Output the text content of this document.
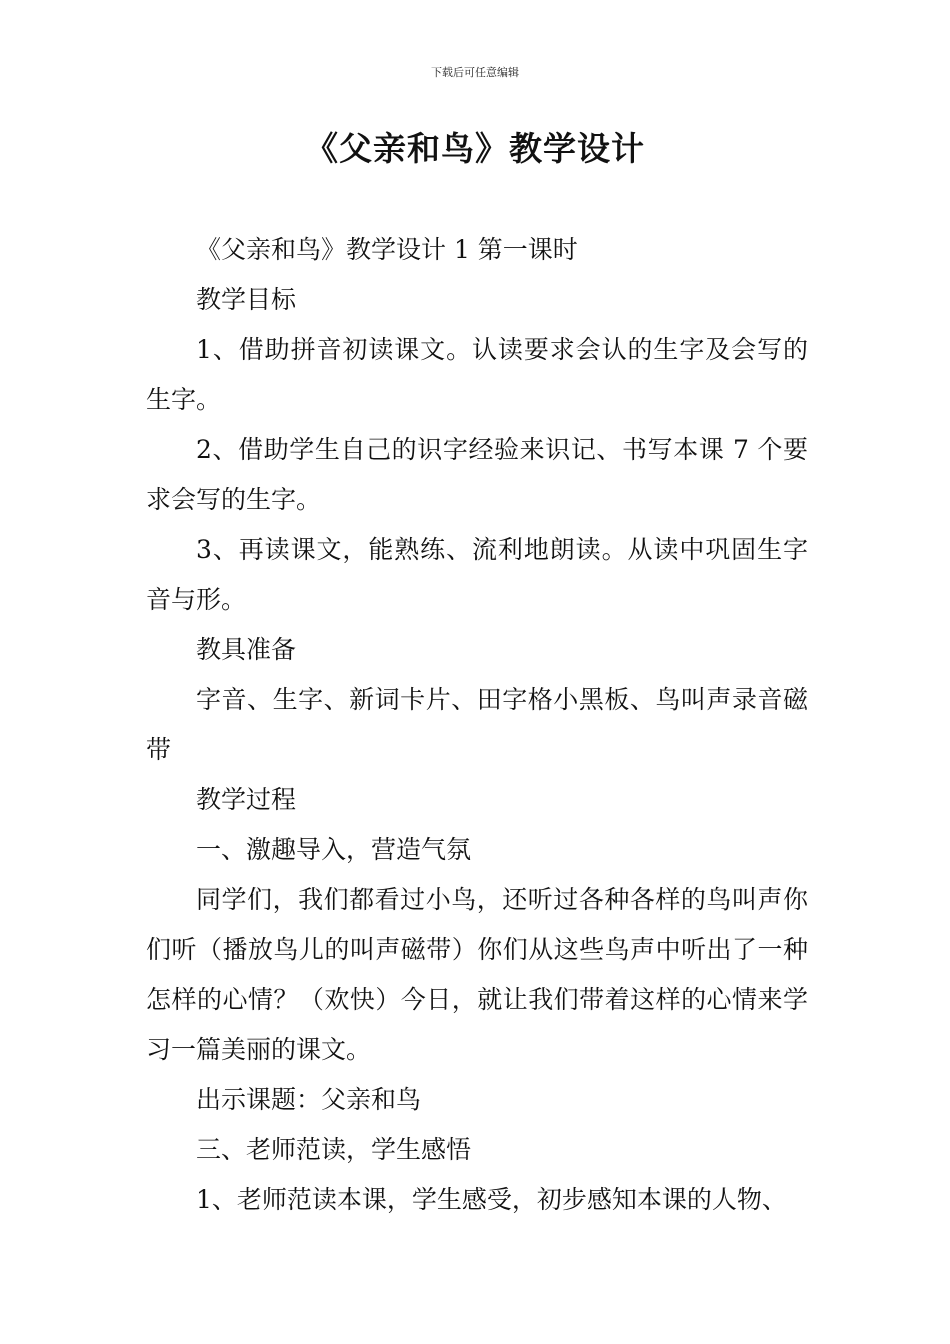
下载后可任意编辑
《父亲和鸟》教学设计

《父亲和鸟》教学设计 1 第一课时

教学目标

1、借助拼音初读课文。认读要求会认的生字及会写的生字。

2、借助学生自己的识字经验来识记、书写本课 7 个要求会写的生字。

3、再读课文，能熟练、流利地朗读。从读中巩固生字音与形。

教具准备

字音、生字、新词卡片、田字格小黑板、鸟叫声录音磁带

教学过程

一、激趣导入，营造气氛

同学们，我们都看过小鸟，还听过各种各样的鸟叫声你们听（播放鸟儿的叫声磁带）你们从这些鸟声中听出了一种怎样的心情？（欢快）今日，就让我们带着这样的心情来学习一篇美丽的课文。

出示课题：父亲和鸟

三、老师范读，学生感悟

1、老师范读本课，学生感受，初步感知本课的人物、
